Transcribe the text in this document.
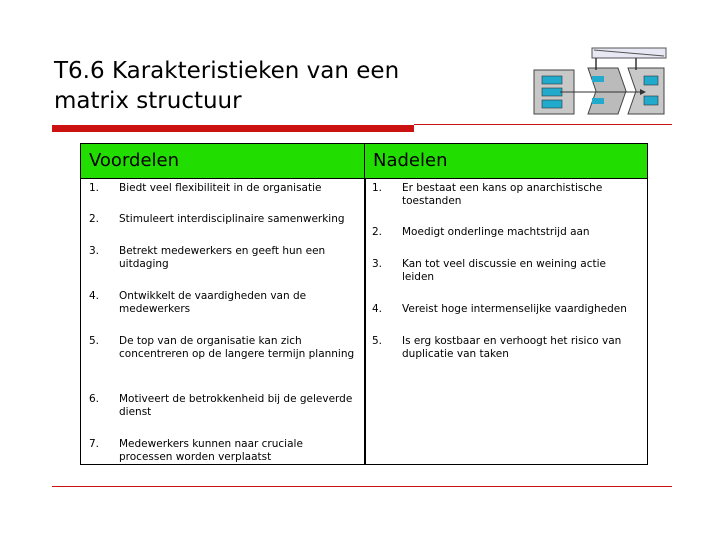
T6.6 Karakteristieken van een matrix structuur
Voordelen
1. Biedt veel flexibiliteit in de organisatie
2. Stimuleert interdisciplinaire samenwerking
3. Betrekt medewerkers en geeft hun een uitdaging
4. Ontwikkelt de vaardigheden van de medewerkers
5. De top van de organisatie kan zich concentreren op de langere termijn planning
6. Motiveert de betrokkenheid bij de geleverde dienst
7. Medewerkers kunnen naar cruciale processen worden verplaatst
Nadelen
1. Er bestaat een kans op anarchistische toestanden
2. Moedigt onderlinge machtstrijd aan
3. Kan tot veel discussie en weining actie leiden
4. Vereist hoge intermenselijke vaardigheden
5. Is erg kostbaar en verhoogt het risico van duplicatie van taken
